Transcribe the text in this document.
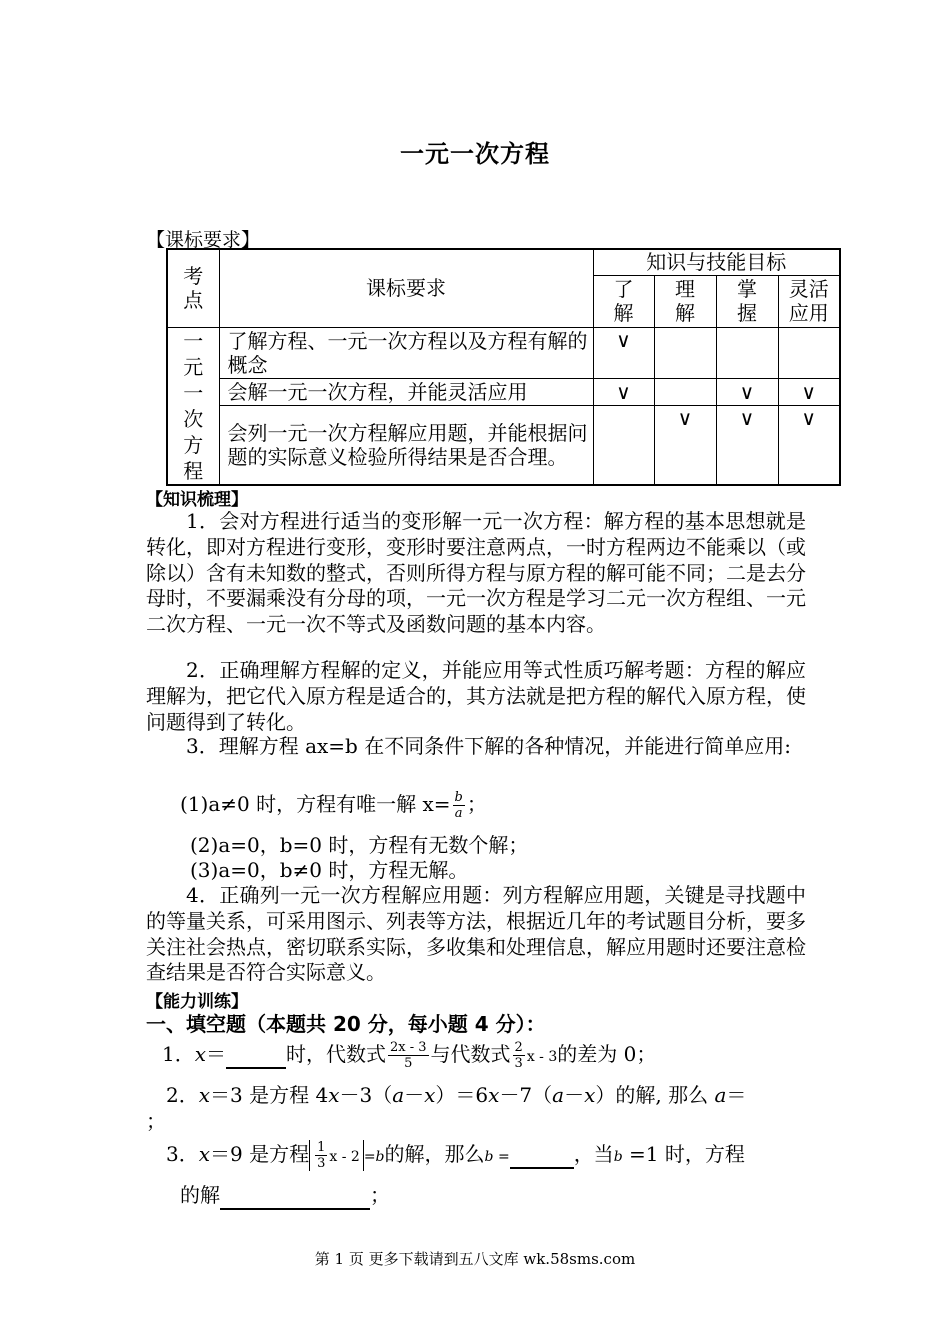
一元一次方程
【课标要求】
考点	课标要求	知识与技能目标			
		了解	理解	掌握	灵活应用
一元一次方程	了解方程、一元一次方程以及方程有解的概念	∨			
	会解一元一次方程，并能灵活应用	∨		∨	∨

	会列一元一次方程解应用题，并能根据问题的实际意义检验所得结果是否合理。		∨	∨	∨
【知识梳理】
1．会对方程进行适当的变形解一元一次方程：解方程的基本思想就是转化，即对方程进行变形，变形时要注意两点，一时方程两边不能乘以（或除以）含有未知数的整式，否则所得方程与原方程的解可能不同；二是去分母时，不要漏乘没有分母的项，一元一次方程是学习二元一次方程组、一元二次方程、一元一次不等式及函数问题的基本内容。
2．正确理解方程解的定义，并能应用等式性质巧解考题：方程的解应理解为，把它代入原方程是适合的，其方法就是把方程的解代入原方程，使问题得到了转化。
3．理解方程 ax=b 在不同条件下解的各种情况，并能进行简单应用:
(1)a≠0 时，方程有唯一解 $x= \frac{b}{a}$ ；
(2)a=0，b=0 时，方程有无数个解；
(3)a=0，b≠0 时，方程无解。
4．正确列一元一次方程解应用题：列方程解应用题，关键是寻找题中的等量关系，可采用图示、列表等方法，根据近几年的考试题目分析，要多关注社会热点，密切联系实际，多收集和处理信息，解应用题时还要注意检查结果是否符合实际意义。
【能力训练】
一、填空题（本题共 20 分，每小题 4 分）：
1．x＝	时，代数式 $\frac{2x - 3}{5}$ 与代数式 $\frac{2}{3}$ x - 3的差为 0；
2．x＝3 是方程 4x－3（a－x）＝6x－7（a－x）的解, 那么 a＝
；
3．x＝9 是方程 $\frac{1}{3}$ x - 2 =b的解，那么b =	，当b =1 时，方程
的解	；
第 1 页 更多下载请到五八文库 wk.58sms.com
